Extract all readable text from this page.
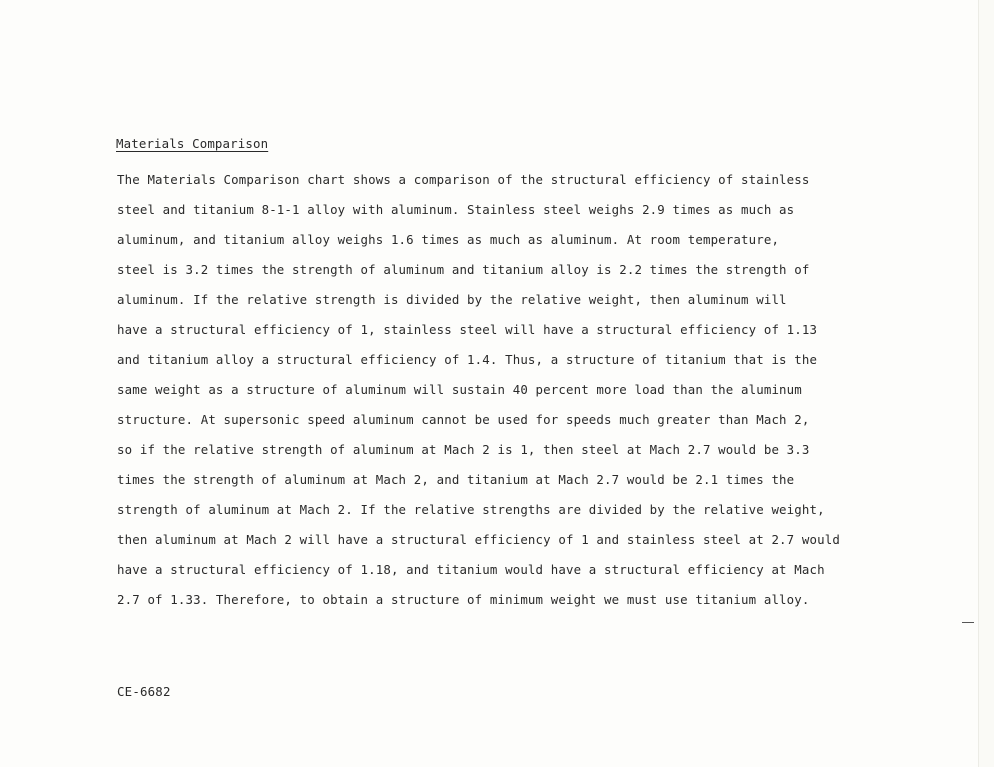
Materials Comparison
The Materials Comparison chart shows a comparison of the structural efficiency of stainless
steel and titanium 8-1-1 alloy with aluminum. Stainless steel weighs 2.9 times as much as
aluminum, and titanium alloy weighs 1.6 times as much as aluminum. At room temperature,
steel is 3.2 times the strength of aluminum and titanium alloy is 2.2 times the strength of
aluminum. If the relative strength is divided by the relative weight, then aluminum will
have a structural efficiency of 1, stainless steel will have a structural efficiency of 1.13
and titanium alloy a structural efficiency of 1.4. Thus, a structure of titanium that is the
same weight as a structure of aluminum will sustain 40 percent more load than the aluminum
structure. At supersonic speed aluminum cannot be used for speeds much greater than Mach 2,
so if the relative strength of aluminum at Mach 2 is 1, then steel at Mach 2.7 would be 3.3
times the strength of aluminum at Mach 2, and titanium at Mach 2.7 would be 2.1 times the
strength of aluminum at Mach 2. If the relative strengths are divided by the relative weight,
then aluminum at Mach 2 will have a structural efficiency of 1 and stainless steel at 2.7 would
have a structural efficiency of 1.18, and titanium would have a structural efficiency at Mach
2.7 of 1.33. Therefore, to obtain a structure of minimum weight we must use titanium alloy.
CE-6682
